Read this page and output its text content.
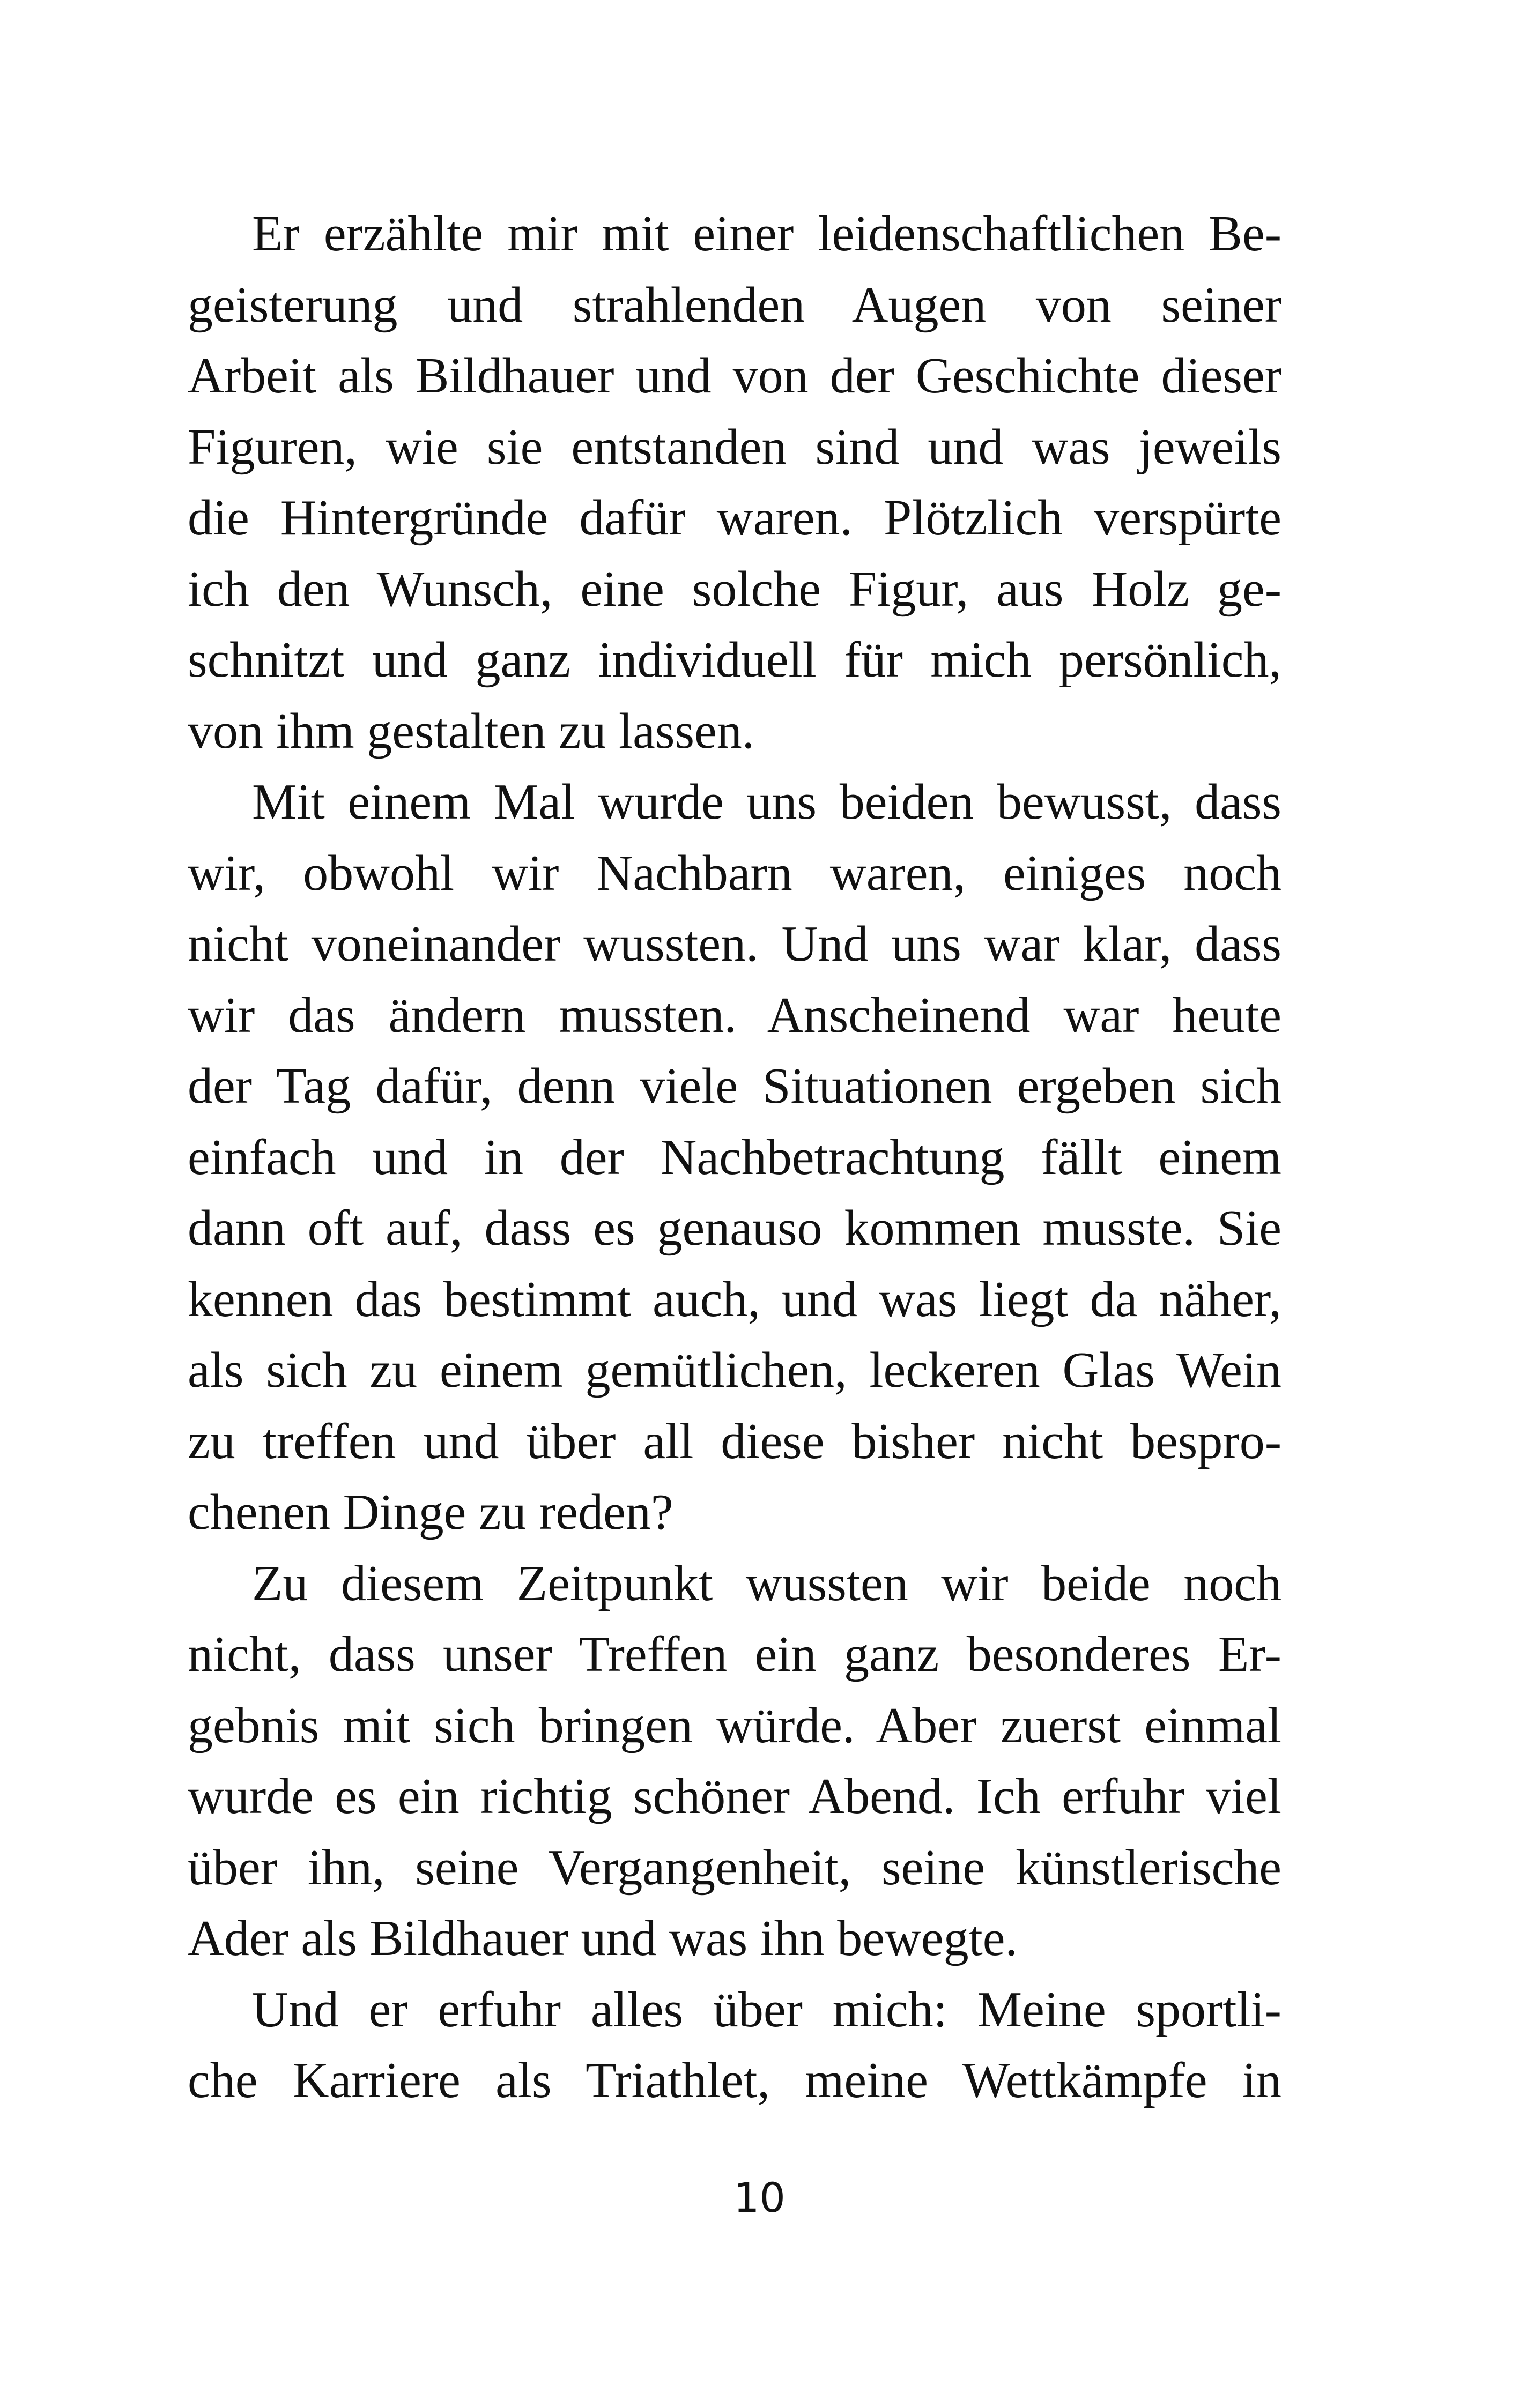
Er erzählte mir mit einer leidenschaftlichen Be-
geisterung und strahlenden Augen von seiner
Arbeit als Bildhauer und von der Geschichte dieser
Figuren, wie sie entstanden sind und was jeweils
die Hintergründe dafür waren. Plötzlich verspürte
ich den Wunsch, eine solche Figur, aus Holz ge-
schnitzt und ganz individuell für mich persönlich,
von ihm gestalten zu lassen.

Mit einem Mal wurde uns beiden bewusst, dass
wir, obwohl wir Nachbarn waren, einiges noch
nicht voneinander wussten. Und uns war klar, dass
wir das ändern mussten. Anscheinend war heute
der Tag dafür, denn viele Situationen ergeben sich
einfach und in der Nachbetrachtung fällt einem
dann oft auf, dass es genauso kommen musste. Sie
kennen das bestimmt auch, und was liegt da näher,
als sich zu einem gemütlichen, leckeren Glas Wein
zu treffen und über all diese bisher nicht bespro-
chenen Dinge zu reden?

Zu diesem Zeitpunkt wussten wir beide noch
nicht, dass unser Treffen ein ganz besonderes Er-
gebnis mit sich bringen würde. Aber zuerst einmal
wurde es ein richtig schöner Abend. Ich erfuhr viel
über ihn, seine Vergangenheit, seine künstlerische
Ader als Bildhauer und was ihn bewegte.

Und er erfuhr alles über mich: Meine sportli-
che Karriere als Triathlet, meine Wettkämpfe in

10
